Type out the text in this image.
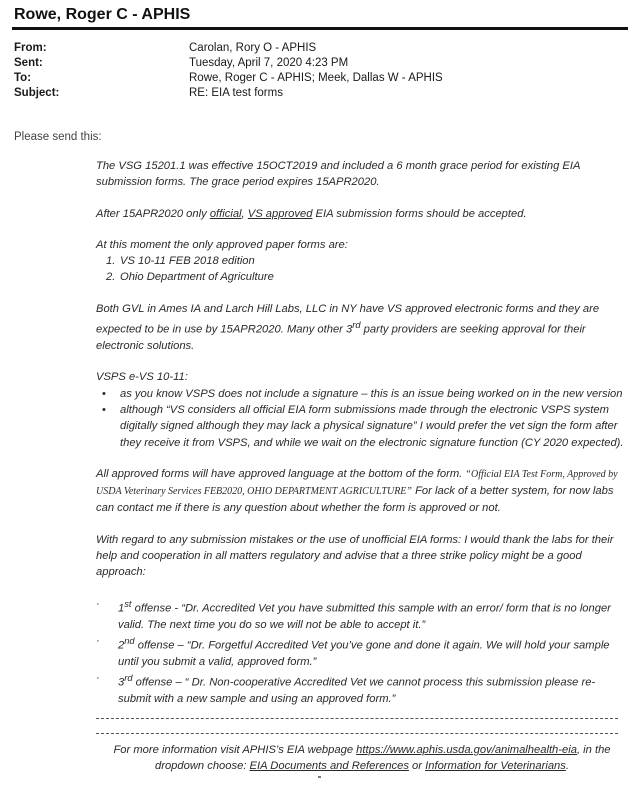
Rowe, Roger C - APHIS
From:	Carolan, Rory O - APHIS
Sent:	Tuesday, April 7, 2020 4:23 PM
To:	Rowe, Roger C - APHIS; Meek, Dallas W - APHIS
Subject:	RE: EIA test forms
Please send this:

The VSG 15201.1 was effective 15OCT2019 and included a 6 month grace period for existing EIA submission forms. The grace period expires 15APR2020.

After 15APR2020 only official, VS approved EIA submission forms should be accepted.

At this moment the only approved paper forms are:
1. VS 10-11 FEB 2018 edition
2. Ohio Department of Agriculture

Both GVL in Ames IA and Larch Hill Labs, LLC in NY have VS approved electronic forms and they are expected to be in use by 15APR2020. Many other 3rd party providers are seeking approval for their electronic solutions.

VSPS e-VS 10-11:
• as you know VSPS does not include a signature – this is an issue being worked on in the new version
• although “VS considers all official EIA form submissions made through the electronic VSPS system digitally signed although they may lack a physical signature” I would prefer the vet sign the form after they receive it from VSPS, and while we wait on the electronic signature function (CY 2020 expected).

All approved forms will have approved language at the bottom of the form. “Official EIA Test Form, Approved by USDA Veterinary Services FEB2020, OHIO DEPARTMENT AGRICULTURE” For lack of a better system, for now labs can contact me if there is any question about whether the form is approved or not.

With regard to any submission mistakes or the use of unofficial EIA forms: I would thank the labs for their help and cooperation in all matters regulatory and advise that a three strike policy might be a good approach:

· 1st offense - “Dr. Accredited Vet you have submitted this sample with an error/ form that is no longer valid. The next time you do so we will not be able to accept it.”
· 2nd offense – “Dr. Forgetful Accredited Vet you’ve gone and done it again. We will hold your sample until you submit a valid, approved form.”
· 3rd offense – “ Dr. Non-cooperative Accredited Vet we cannot process this submission please re-submit with a new sample and using an approved form.”
For more information visit APHIS’s EIA webpage https://www.aphis.usda.gov/animalhealth-eia, in the dropdown choose: EIA Documents and References or Information for Veterinarians.
